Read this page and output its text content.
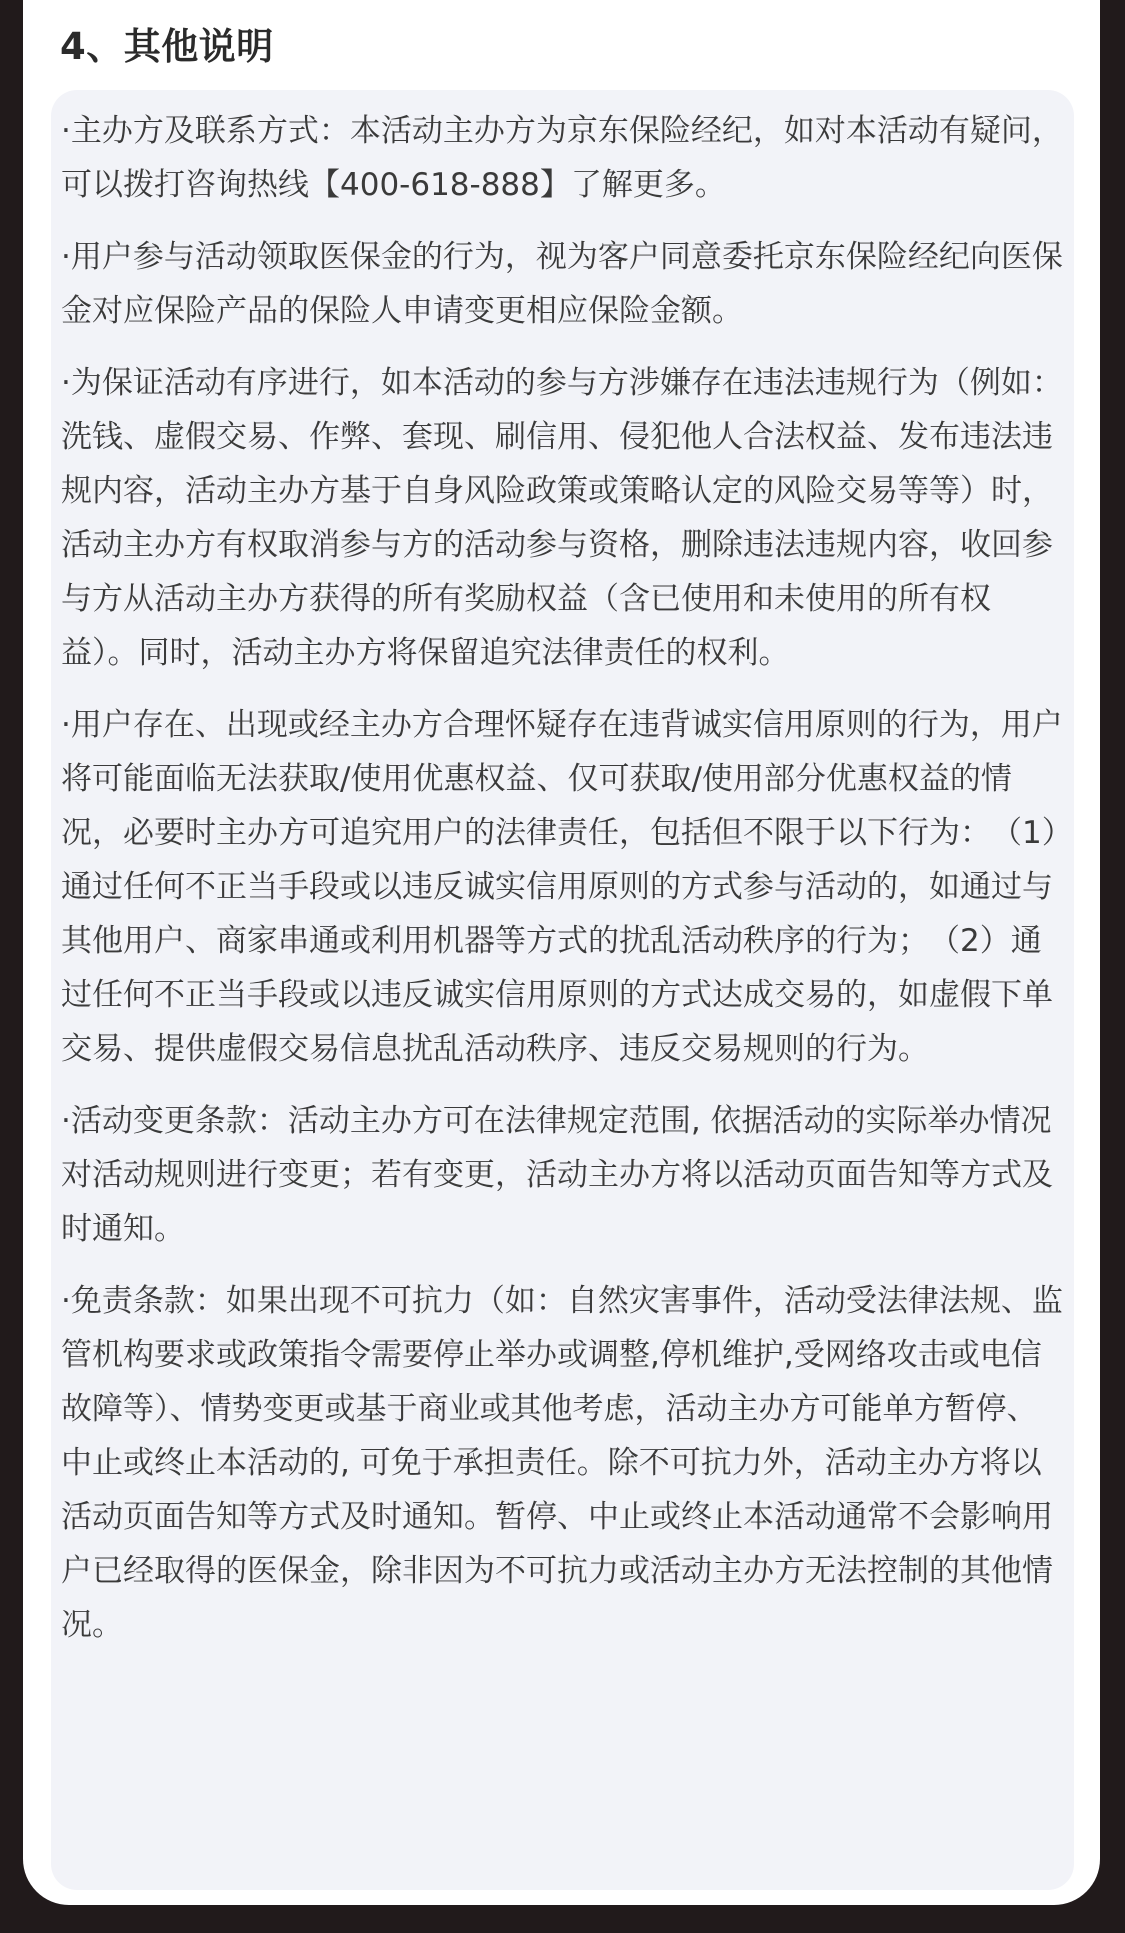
4、其他说明
·主办方及联系方式：本活动主办方为京东保险经纪，如对本活动有疑问，可以拨打咨询热线【400-618-888】了解更多。
·用户参与活动领取医保金的行为，视为客户同意委托京东保险经纪向医保金对应保险产品的保险人申请变更相应保险金额。
·为保证活动有序进行，如本活动的参与方涉嫌存在违法违规行为（例如：洗钱、虚假交易、作弊、套现、刷信用、侵犯他人合法权益、发布违法违规内容，活动主办方基于自身风险政策或策略认定的风险交易等等）时，活动主办方有权取消参与方的活动参与资格，删除违法违规内容，收回参与方从活动主办方获得的所有奖励权益（含已使用和未使用的所有权益）。同时，活动主办方将保留追究法律责任的权利。
·用户存在、出现或经主办方合理怀疑存在违背诚实信用原则的行为，用户将可能面临无法获取/使用优惠权益、仅可获取/使用部分优惠权益的情况，必要时主办方可追究用户的法律责任，包括但不限于以下行为：　（1）通过任何不正当手段或以违反诚实信用原则的方式参与活动的，如通过与其他用户、商家串通或利用机器等方式的扰乱活动秩序的行为；　（2）通过任何不正当手段或以违反诚实信用原则的方式达成交易的，如虚假下单交易、提供虚假交易信息扰乱活动秩序、违反交易规则的行为。
·活动变更条款：活动主办方可在法律规定范围, 依据活动的实际举办情况对活动规则进行变更；若有变更，活动主办方将以活动页面告知等方式及时通知。
·免责条款：如果出现不可抗力（如：自然灾害事件，活动受法律法规、监管机构要求或政策指令需要停止举办或调整,停机维护,受网络攻击或电信故障等）、情势变更或基于商业或其他考虑，活动主办方可能单方暂停、中止或终止本活动的, 可免于承担责任。除不可抗力外，活动主办方将以活动页面告知等方式及时通知。暂停、中止或终止本活动通常不会影响用户已经取得的医保金，除非因为不可抗力或活动主办方无法控制的其他情况。
